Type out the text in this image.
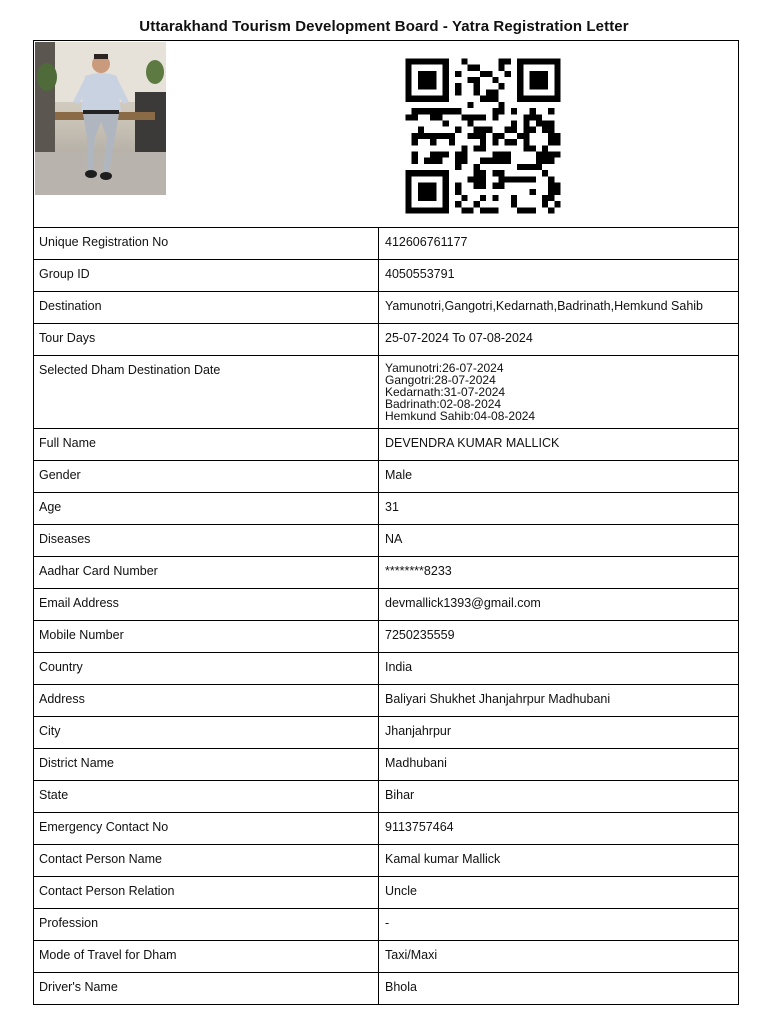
Uttarakhand Tourism Development Board - Yatra Registration Letter
Unique Registration No	412606761177
Group ID	4050553791
Destination	Yamunotri,Gangotri,Kedarnath,Badrinath,Hemkund Sahib
Tour Days	25-07-2024 To 07-08-2024
Selected Dham Destination Date	Yamunotri:26-07-2024
Gangotri:28-07-2024
Kedarnath:31-07-2024
Badrinath:02-08-2024
Hemkund Sahib:04-08-2024
Full Name	DEVENDRA KUMAR MALLICK
Gender	Male
Age	31
Diseases	NA
Aadhar Card Number	********8233
Email Address	devmallick1393@gmail.com
Mobile Number	7250235559
Country	India
Address	Baliyari Shukhet Jhanjahrpur Madhubani
City	Jhanjahrpur
District Name	Madhubani
State	Bihar
Emergency Contact No	9113757464
Contact Person Name	Kamal kumar Mallick
Contact Person Relation	Uncle
Profession	-
Mode of Travel for Dham	Taxi/Maxi
Driver's Name	Bhola
